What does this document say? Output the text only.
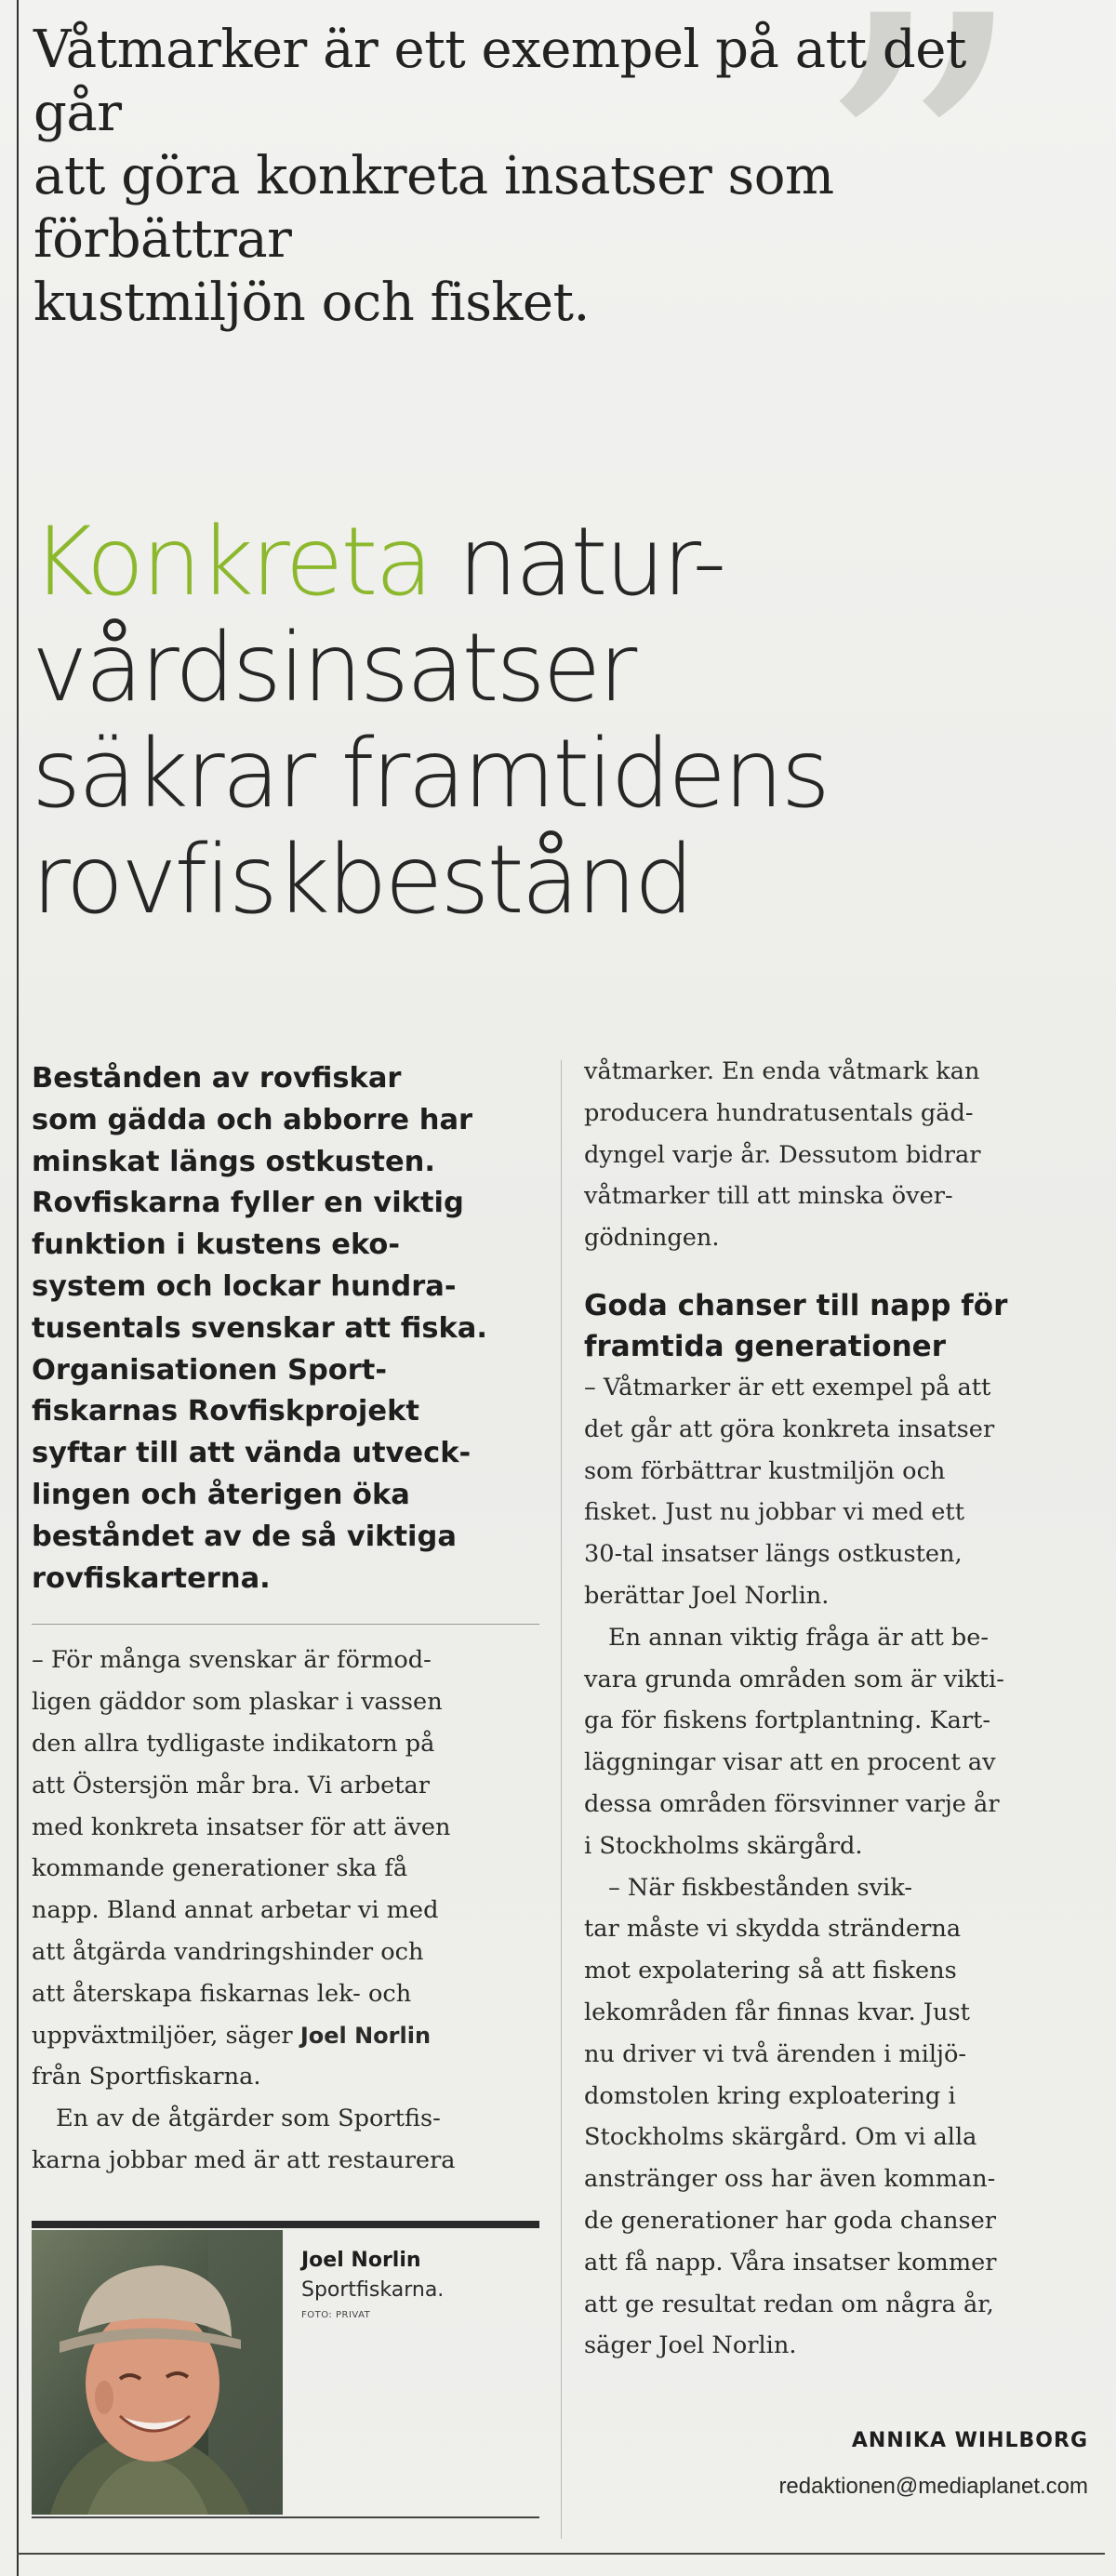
”
Våtmarker är ett exempel på att det går
att göra konkreta insatser som förbättrar
kustmiljön och fisket.
Konkreta natur-
vårdsinsatser
säkrar framtidens
rovfiskbestånd

Bestånden av rovfiskar
som gädda och abborre har
minskat längs ostkusten.
Rovfiskarna fyller en viktig
funktion i kustens eko-
system och lockar hundra-
tusentals svenskar att fiska.
Organisationen Sport-
fiskarnas Rovfiskprojekt
syftar till att vända utveck-
lingen och återigen öka
beståndet av de så viktiga
rovfiskarterna.

– För många svenskar är förmod-
ligen gäddor som plaskar i vassen
den allra tydligaste indikatorn på
att Östersjön mår bra. Vi arbetar
med konkreta insatser för att även
kommande generationer ska få
napp. Bland annat arbetar vi med
att åtgärda vandringshinder och
att återskapa fiskarnas lek- och
uppväxtmiljöer, säger Joel Norlin
från Sportfiskarna.
En av de åtgärder som Sportfis-
karna jobbar med är att restaurera
våtmarker. En enda våtmark kan
producera hundratusentals gäd-
dyngel varje år. Dessutom bidrar
våtmarker till att minska över-
gödningen.
Goda chanser till napp för
framtida generationer
– Våtmarker är ett exempel på att
det går att göra konkreta insatser
som förbättrar kustmiljön och
fisket. Just nu jobbar vi med ett
30-tal insatser längs ostkusten,
berättar Joel Norlin.
En annan viktig fråga är att be-
vara grunda områden som är vikti-
ga för fiskens fortplantning. Kart-
läggningar visar att en procent av
dessa områden försvinner varje år
i Stockholms skärgård.
– När fiskbestånden svik-
tar måste vi skydda stränderna
mot expolatering så att fiskens
lekområden får finnas kvar. Just
nu driver vi två ärenden i miljö-
domstolen kring exploatering i
Stockholms skärgård. Om vi alla
anstränger oss har även komman-
de generationer har goda chanser
att få napp. Våra insatser kommer
att ge resultat redan om några år,
säger Joel Norlin.
Joel Norlin
Sportfiskarna.
FOTO: PRIVAT
ANNIKA WIHLBORG
redaktionen@mediaplanet.com
